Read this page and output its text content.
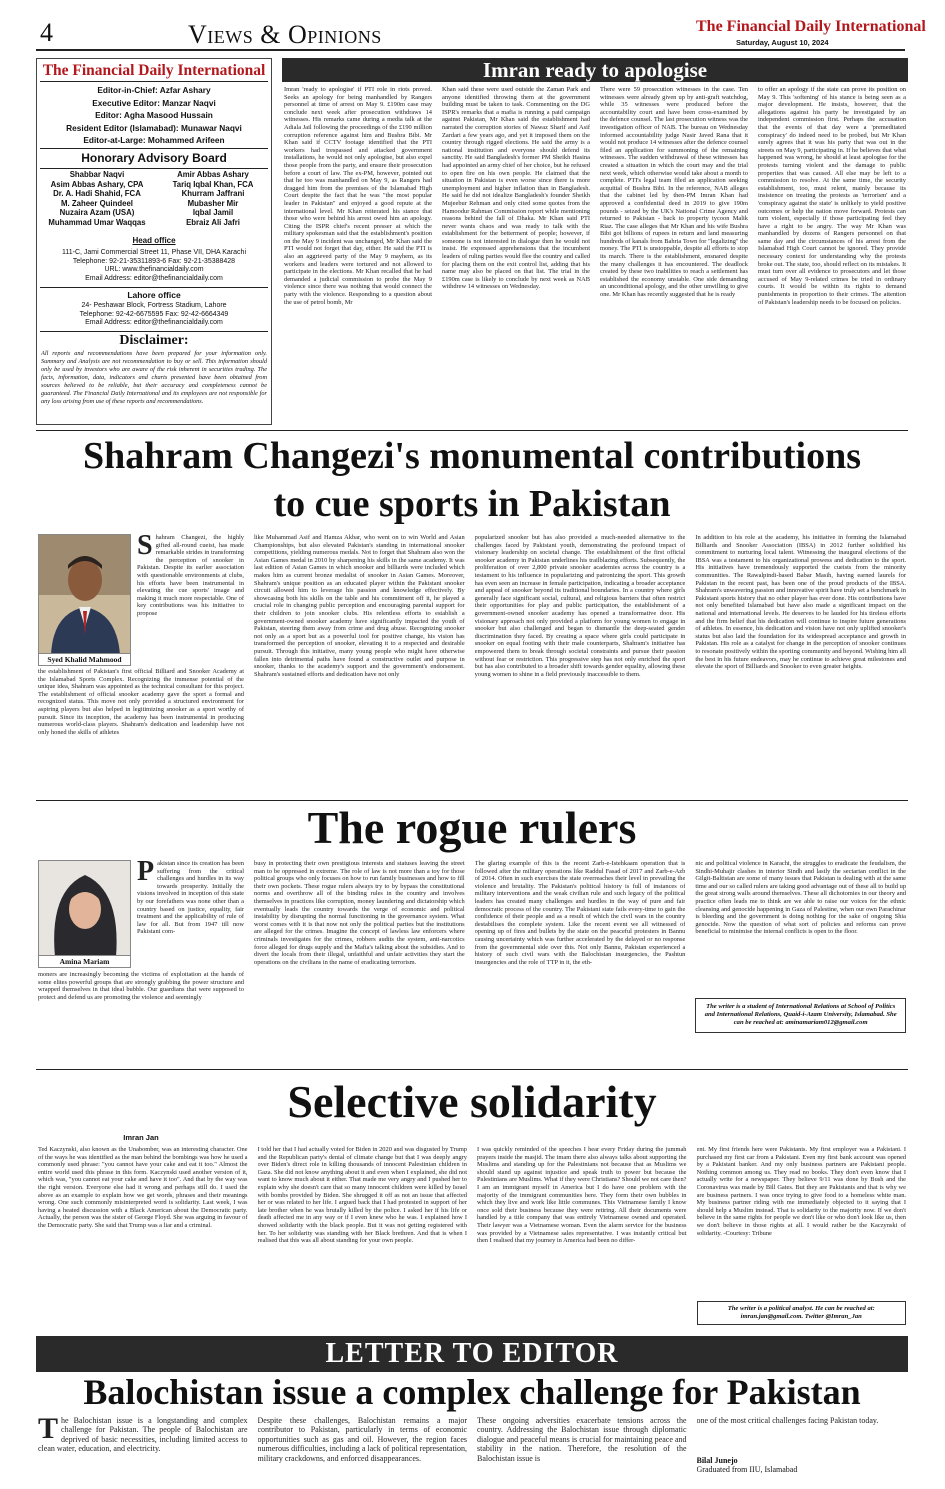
4	Views & Opinions	The Financial Daily International
Saturday, August 10, 2024
The Financial Daily International
Editor-in-Chief: Azfar Ashary
Executive Editor: Manzar Naqvi
Editor: Agha Masood Hussain
Resident Editor (Islamabad): Munawar Naqvi
Editor-at-Large: Mohammed Arifeen
Honorary Advisory Board
Shabbar Naqvi
Asim Abbas Ashary, CPA
Dr. A. Hadi Shahid, FCA
M. Zaheer Quindeel
Nuzaira Azam (USA)
Muhammad Umar Waqqas
Amir Abbas Ashary
Tariq Iqbal Khan, FCA
Khurram Jaffrani
Mubasher Mir
Iqbal Jamil
Ebraiz Ali Jafri
Head office
111-C, Jami Commercial Street 11, Phase VII, DHA Karachi
Telephone: 92-21-35311893-6 Fax: 92-21-35388428
URL: www.thefinancialdaily.com
Email Address: editor@thefinancialdaily.com
Lahore office
24- Peshawar Block, Fortress Stadium, Lahore
Telephone: 92-42-6675595 Fax: 92-42-6664349
Email Address: editor@thefinancialdaily.com
Disclaimer:
All reports and recommendations have been prepared for your information only. Summary and Analysis are not recommendation to buy or sell. This information should only be used by investors who are aware of the risk inherent in securities trading. The facts, information, data, indicators and charts presented have been obtained from sources believed to be reliable, but their accuracy and completeness cannot be guaranteed. The Financial Daily International and its employees are not responsible for any loss arising from use of these reports and recommendations.
Imran ready to apologise
Imran 'ready to apologise' if PTI role in riots proved. Seeks an apology for being manhandled by Rangers personnel at time of arrest on May 9. £190m case may conclude next week after prosecution withdraws 14 witnesses. His remarks came during a media talk at the Adiala Jail following the proceedings of the £190 million corruption reference against him and Bushra Bibi. Mr Khan said if CCTV footage identified that the PTI workers had trespassed and attacked government installations, he would not only apologise, but also expel those people from the party, and ensure their prosecution before a court of law. The ex-PM, however, pointed out that he too was manhandled on May 9, as Rangers had dragged him from the premises of the Islamabad High Court despite the fact that he was "the most popular leader in Pakistan" and enjoyed a good repute at the international level. Mr Khan reiterated his stance that those who were behind his arrest owed him an apology. Citing the ISPR chief's recent presser at which the military spokesman said that the establishment's position on the May 9 incident was unchanged, Mr Khan said the PTI would not forget that day, either. He said the PTI is also an aggrieved party of the May 9 mayhem, as its workers and leaders were tortured and not allowed to participate in the elections. Mr Khan recalled that he had demanded a judicial commission to probe the May 9 violence since there was nothing that would connect the party with the violence. Responding to a question about the use of petrol bomb, Mr
Khan said these were used outside the Zaman Park and anyone identified throwing them at the government building must be taken to task. Commenting on the DG ISPR's remarks that a mafia is running a paid campaign against Pakistan, Mr Khan said the establishment had narrated the corruption stories of Nawaz Sharif and Asif Zardari a few years ago, and yet it imposed them on the country through rigged elections. He said the army is a national institution and everyone should defend its sanctity. He said Bangladesh's former PM Sheikh Hasina had appointed an army chief of her choice, but he refused to open fire on his own people. He claimed that the situation in Pakistan is even worse since there is more unemployment and higher inflation than in Bangladesh. He said he did not idealize Bangladesh's founder Sheikh Mujeebur Rehman and only cited some quotes from the Hamoodur Rahman Commission report while mentioning reasons behind the fall of Dhaka. Mr Khan said PTI never wants chaos and was ready to talk with the establishment for the betterment of people; however, if someone is not interested in dialogue then he would not insist. He expressed apprehensions that the incumbent leaders of ruling parties would flee the country and called for placing them on the exit control list, adding that his name may also be placed on that list. The trial in the £190m case is likely to conclude by next week as NAB withdrew 14 witnesses on Wednesday.
There were 59 prosecution witnesses in the case. Ten witnesses were already given up by anti-graft watchdog, while 35 witnesses were produced before the accountability court and have been cross-examined by the defence counsel. The last prosecution witness was the investigation officer of NAB. The bureau on Wednesday informed accountability judge Nasir Javed Rana that it would not produce 14 witnesses after the defence counsel filed an application for summoning of the remaining witnesses. The sudden withdrawal of these witnesses has created a situation in which the court may and the trial next week, which otherwise would take about a month to complete. PTI's legal team filed an application seeking acquittal of Bushra Bibi. In the reference, NAB alleges that the cabinet led by then-PM Imran Khan had approved a confidential deed in 2019 to give 190m pounds - seized by the UK's National Crime Agency and returned to Pakistan - back to property tycoon Malik Riaz. The case alleges that Mr Khan and his wife Bushra Bibi got billions of rupees in return and land measuring hundreds of kanals from Bahria Town for "legalizing" the money. The PTI is unstoppable, despite all efforts to stop its march. There is the establishment, ensnared despite the many challenges it has encountered. The deadlock created by these two inabilities to reach a settlement has established the economy unstable. One side demanding an unconditional apology, and the other unwilling to give one. Mr Khan has recently suggested that he is ready
to offer an apology if the state can prove its position on May 9. This 'softening' of his stance is being seen as a major development. He insists, however, that the allegations against his party be investigated by an independent commission first. Perhaps the accusation that the events of that day were a 'premeditated conspiracy' do indeed need to be probed, but Mr Khan surely agrees that it was his party that was out in the streets on May 9, participating in. If he believes that what happened was wrong, he should at least apologise for the protests turning violent and the damage to public properties that was caused. All else may be left to a commission to resolve. At the same time, the security establishment, too, must relent, mainly because its insistence on treating the protests as 'terrorism' and a 'conspiracy against the state' is unlikely to yield positive outcomes or help the nation move forward. Protests can turn violent, especially if those participating feel they have a right to be angry. The way Mr Khan was manhandled by dozens of Rangers personnel on that same day and the circumstances of his arrest from the Islamabad High Court cannot be ignored. They provide necessary context for understanding why the protests broke out. The state, too, should reflect on its mistakes. It must turn over all evidence to prosecutors and let those accused of May 9-related crimes be tried in ordinary courts. It would be within its rights to demand punishments in proportion to their crimes. The attention of Pakistan's leadership needs to be focused on policies.
Shahram Changezi's monumental contributions
to cue sports in Pakistan
Syed Khalid Mahmood
Shahram Changezi, the highly gifted all-round cueist, has made remarkable strides in transforming the perception of snooker in Pakistan. Despite its earlier association with questionable environments at clubs, his efforts have been instrumental in elevating the cue sports' image and making it much more respectable. One of key contributions was his initiative to propose
the establishment of Pakistan's first official Billiard and Snooker Academy at the Islamabad Sports Complex. Recognizing the immense potential of the unique idea, Shahram was appointed as the technical consultant for this project. The establishment of official snooker academy gave the sport a formal and recognized status. This move not only provided a structured environment for aspiring players but also helped in legitimizing snooker as a sport worthy of pursuit. Since its inception, the academy has been instrumental in producing numerous world-class players. Shahram's dedication and leadership have not only honed the skills of athletes
like Muhammad Asif and Hamza Akbar, who went on to win World and Asian Championships, but also elevated Pakistan's standing in international snooker competitions, yielding numerous medals. Not to forget that Shahram also won the Asian Games medal in 2010 by sharpening his skills in the same academy. It was last edition of Asian Games in which snooker and billiards were included which makes him as current bronze medalist of snooker in Asian Games. Moreover, Shahram's unique position as an educated player within the Pakistani snooker circuit allowed him to leverage his passion and knowledge effectively. By showcasing both his skills on the table and his commitment off it, he played a crucial role in changing public perception and encouraging parental support for their children to join snooker clubs. His relentless efforts to establish a government-owned snooker academy have significantly impacted the youth of Pakistan, steering them away from crime and drug abuse. Recognizing snooker not only as a sport but as a powerful tool for positive change, his vision has transformed the perception of snooker, elevating it to a respected and desirable pursuit. Through this initiative, many young people who might have otherwise fallen into detrimental paths have found a constructive outlet and purpose in snooker, thanks to the academy's support and the government's endorsement. Shahram's sustained efforts and dedication have not only
popularized snooker but has also provided a much-needed alternative to the challenges faced by Pakistani youth, demonstrating the profound impact of visionary leadership on societal change. The establishment of the first official snooker academy in Pakistan underlines his trailblazing efforts. Subsequently, the proliferation of over 2,800 private snooker academies across the country is a testament to his influence in popularizing and patronizing the sport. This growth has even seen an increase in female participation, indicating a broader acceptance and appeal of snooker beyond its traditional boundaries. In a country where girls generally face significant social, cultural, and religious barriers that often restrict their opportunities for play and public participation, the establishment of a government-owned snooker academy has opened a transformative door. His visionary approach not only provided a platform for young women to engage in snooker but also challenged and began to dismantle the deep-seated gender discrimination they faced. By creating a space where girls could participate in snooker on equal footing with their male counterparts, Shahram's initiative has empowered them to break through societal constraints and pursue their passion without fear or restriction. This progressive step has not only enriched the sport but has also contributed to a broader shift towards gender equality, allowing these young women to shine in a field previously inaccessible to them.
In addition to his role at the academy, his initiative in forming the Islamabad Billiards and Snooker Association (IBSA) in 2012 further solidified his commitment to nurturing local talent. Witnessing the inaugural elections of the IBSA was a testament to his organizational prowess and dedication to the sport. His initiatives have tremendously supported the cueists from the minority communities. The Rawalpindi-based Babar Masih, having earned laurels for Pakistan in the recent past, has been one of the proud products of the IBSA. Shahram's unwavering passion and innovative spirit have truly set a benchmark in Pakistani sports history that no other player has ever done. His contributions have not only benefited Islamabad but have also made a significant impact on the national and international levels. He deserves to be lauded for his tireless efforts and the firm belief that his dedication will continue to inspire future generations of athletes. In essence, his dedication and vision have not only uplifted snooker's status but also laid the foundation for its widespread acceptance and growth in Pakistan. His role as a catalyst for change in the perception of snooker continues to resonate positively within the sporting community and beyond. Wishing him all the best in his future endeavors, may he continue to achieve great milestones and elevate the sport of Billiards and Snooker to even greater heights.
The rogue rulers
Amina Mariam
Pakistan since its creation has been suffering from the critical challenges and hurdles in its way towards prosperity. Initially the visions involved in inception of this state by our forefathers was none other than a country based on justice, equality, fair treatment and the applicability of rule of law for all. But from 1947 till now Pakistani com-
moners are increasingly becoming the victims of exploitation at the hands of some elites powerful groups that are strongly grabbing the power structure and wrapped themselves in that ideal bubble. Our guardians that were supposed to protect and defend us are promoting the violence and seemingly
busy in protecting their own prestigious interests and statuses leaving the street man to be oppressed in extreme. The role of law is not more than a toy for those political groups who only focuses on how to run family businesses and how to fill their own pockets. These rogue rulers always try to by bypass the constitutional norms and overthrow all of the binding rules in the country and involves themselves in practices like corruption, money laundering and dictatorship which eventually leads the country towards the verge of economic and political instability by disrupting the normal functioning in the governance system. What worst comes with it is that now not only the political parties but the institutions are alleged for the crimes. Imagine the concept of lawless law enforcers where criminals investigates for the crimes, robbers audits the system, anti-narcotics force alleged for drugs supply and the Mafia's talking about the subsidies. And to divert the locals from their illegal, unfaithful and unfair activities they start the operations on the civilians in the name of eradicating terrorism.
The glaring example of this is the recent Zarb-e-Istehkaam operation that is followed after the military operations like Raddul Fasad of 2017 and Zarb-e-Azb of 2014. Often in such exercises the state overreaches their level in prevailing the violence and brutality. The Pakistan's political history is full of instances of military interventions and the weak civilian rule and such legacy of the political leaders has created many challenges and hurdles in the way of pure and fair democratic process of the country. The Pakistani state fails every-time to gain the confidence of their people and as a result of which the civil wars in the country destabilises the complete system. Like the recent event we all witnessed of opening up of fires and bullets by the state on the peaceful protesters in Bannu causing uncertainty which was further accelerated by the delayed or no response from the governmental side over this. Not only Bannu, Pakistan experienced a history of such civil wars with the Balochistan insurgencies, the Pashtun insurgencies and the role of TTP in it, the eth-
nic and political violence in Karachi, the struggles to eradicate the feudalism, the Sindhi-Muhajir clashes in interior Sindh and lastly the sectarian conflict in the Gilgit-Baltistan are some of many issues that Pakistan is dealing with at the same time and our so called rulers are taking good advantage out of these all to build up the great strong walls around themselves. These all dichotomies in our theory and practice often leads me to think are we able to raise our voices for the ethnic cleansing and genocide happening in Gaza of Palestine, when our own Parachinar is bleeding and the government is doing nothing for the sake of ongoing Shia genocide. Now the question of what sort of policies and reforms can prove beneficial to minimise the internal conflicts is open to the floor.
The writer is a student of International Relations at School of Politics and International Relations, Quaid-i-Azam University, Islamabad. She can be reached at: aminamariam012@gmail.com
Selective solidarity
Imran Jan
Ted Kaczynski, also known as the Unabomber, was an interesting character. One of the ways he was identified as the man behind the bombings was how he used a commonly used phrase: "you cannot have your cake and eat it too." Almost the entire world used this phrase in this form. Kaczynski used another version of it, which was, "you cannot eat your cake and have it too". And that by the way was the right version. Everyone else had it wrong and perhaps still do. I used the above as an example to explain how we get words, phrases and their meanings wrong. One such commonly misinterpreted word is solidarity. Last week, I was having a heated discussion with a Black American about the Democratic party. Actually, the person was the sister of George Floyd. She was arguing in favour of the Democratic party. She said that Trump was a liar and a criminal.
I told her that I had actually voted for Biden in 2020 and was disgusted by Trump and the Republican party's denial of climate change but that I was deeply angry over Biden's direct role in killing thousands of innocent Palestinian children in Gaza. She did not know anything about it and even when I explained, she did not want to know much about it either. That made me very angry and I pushed her to explain why she doesn't care that so many innocent children were killed by Israel with bombs provided by Biden. She shrugged it off as not an issue that affected her or was related to her life. I argued back that I had protested in support of her late brother when he was brutally killed by the police. I asked her if his life or death affected me in any way or if I even knew who he was. I explained how I showed solidarity with the black people. But it was not getting registered with her. To her solidarity was standing with her Black brethren. And that is when I realised that this was all about standing for your own people.
I was quickly reminded of the speeches I hear every Friday during the jummah prayers inside the masjid. The imam there also always talks about supporting the Muslims and standing up for the Palestinians not because that as Muslims we should stand up against injustice and speak truth to power but because the Palestinians are Muslims. What if they were Christians? Should we not care then? I am an immigrant myself in America but I do have one problem with the majority of the immigrant communities here. They form their own bubbles in which they live and work like little communes. This Vietnamese family I know once sold their business because they were retiring. All their documents were handled by a title company that was entirely Vietnamese owned and operated. Their lawyer was a Vietnamese woman. Even the alarm service for the business was provided by a Vietnamese sales representative. I was instantly critical but then I realised that my journey in America had been no differ-
ent. My first friends here were Pakistanis. My first employer was a Pakistani. I purchased my first car from a Pakistani. Even my first bank account was opened by a Pakistani banker. And my only business partners are Pakistani people. Nothing common among us. They read no books. They don't even know that I actually write for a newspaper. They believe 9/11 was done by Bush and the Coronavirus was made by Bill Gates. But they are Pakistanis and that is why we are business partners. I was once trying to give food to a homeless white man. My business partner riding with me immediately objected to it saying that I should help a Muslim instead. That is solidarity to the majority now. If we don't believe in the same rights for people we don't like or who don't look like us, then we don't believe in those rights at all. I would rather be the Kaczynski of solidarity. -Courtesy: Tribune
The writer is a political analyst. He can be reached at: imran.jan@gmail.com. Twitter @Imran_Jan
LETTER TO EDITOR
Balochistan issue a complex challenge for Pakistan
The Balochistan issue is a longstanding and complex challenge for Pakistan. The people of Balochistan are deprived of basic necessities, including limited access to clean water, education, and electricity.
Despite these challenges, Balochistan remains a major contributor to Pakistan, particularly in terms of economic opportunities such as gas and oil. However, the region faces numerous difficulties, including a lack of political representation, military crackdowns, and enforced disappearances.
These ongoing adversities exacerbate tensions across the country. Addressing the Balochistan issue through diplomatic dialogue and peaceful means is crucial for maintaining peace and stability in the nation. Therefore, the resolution of the Balochistan issue is
one of the most critical challenges facing Pakistan today.
Bilal Junejo
Graduated from IIU, Islamabad
